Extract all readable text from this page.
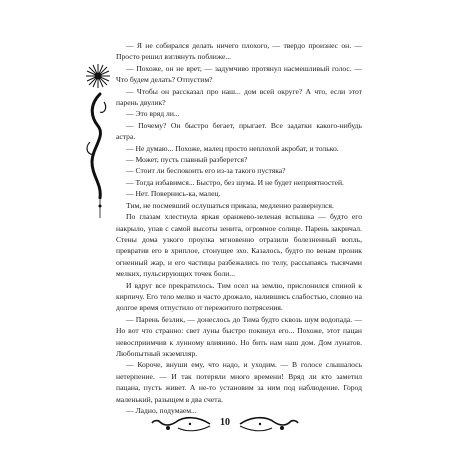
— Я не собирался делать ничего плохого, — твердо произнес он. — Просто решил взглянуть поближе...

— Похоже, он не врет, — задумчиво протянул насмешливый голос. — Что будем делать? Отпустим?

— Чтобы он рассказал про наш... дом всей округе? А что, если этот парень двулик?

— Это вряд ли...

— Почему? Он быстро бегает, прыгает. Все задатки какого-нибудь астра.

— Не думаю... Похоже, малец просто неплохой акробат, и только.

— Может, пусть главный разберется?

— Стоит ли беспокоить его из-за такого пустяка?

— Тогда избавимся... Быстро, без шума. И не будет неприятностей.

— Нет. Повернись-ка, малец.

Тим, не посмевший ослушаться приказа, медленно развернулся.

По глазам хлестнула яркая оранжево-зеленая вспышка — будто его накрыло, упав с самой высоты зенита, огромное солнце. Парень закричал. Стены дома узкого проулка мгновенно отразили болезненный вопль, превратив его в хриплое, стонущее эхо. Казалось, будто по венам проник огненный жар, и его частицы разбежались по телу, рассыпаясь тысячами мелких, пульсирующих точек боли...

И вдруг все прекратилось. Тим осел на землю, прислонился спиной к кирпичу. Его тело мелко и часто дрожало, налившись слабостью, словно на долгое время отпустило от пережитого потрясения.

— Парень безлик, — донеслось до Тима будто сквозь шум водопада. — Но вот что странно: свет луны быстро покинул его... Похоже, этот пацан невосприимчив к лунному влиянию. Но бить нам наш дом. Дом лунатов. Любопытный экземпляр.

— Короче, внуши ему, что надо, и уходим. — В голосе слышалось нетерпение. — И так потеряли много времени! Вряд ли кто заметил пацана, пусть живет. А не-то установим за ним под наблюдение. Город маленький, разыщем в два счета.

— Ладно, подумаем...

10
